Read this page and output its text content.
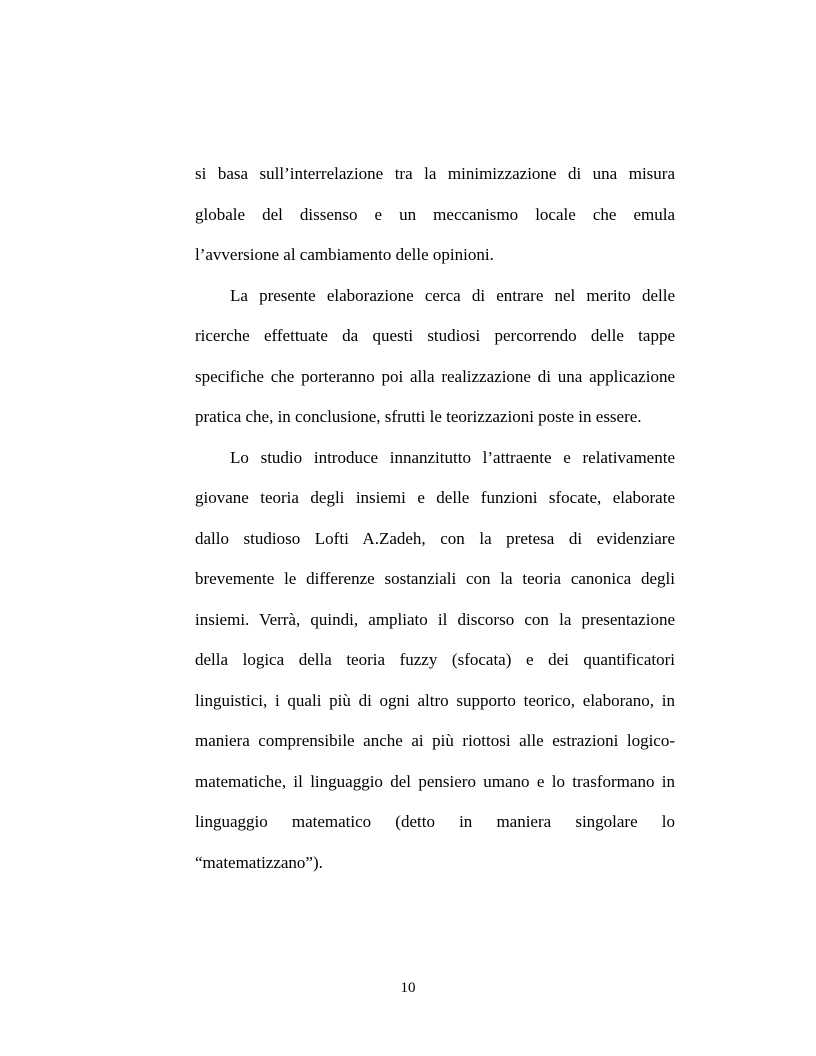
si basa sull’interrelazione tra la minimizzazione di una misura
globale del dissenso e un meccanismo locale che emula
l’avversione al cambiamento delle opinioni.

La presente elaborazione cerca di entrare nel merito delle
ricerche effettuate da questi studiosi percorrendo delle tappe
specifiche che porteranno poi alla realizzazione di una applicazione
pratica che, in conclusione, sfrutti le teorizzazioni poste in essere.

Lo studio introduce innanzitutto l’attraente e relativamente
giovane teoria degli insiemi e delle funzioni sfocate, elaborate
dallo studioso Lofti A.Zadeh, con la pretesa di evidenziare
brevemente le differenze sostanziali con la teoria canonica degli
insiemi. Verrà, quindi, ampliato il discorso con la presentazione
della logica della teoria fuzzy (sfocata) e dei quantificatori
linguistici, i quali più di ogni altro supporto teorico, elaborano, in
maniera comprensibile anche ai più riottosi alle estrazioni logico-
matematiche, il linguaggio del pensiero umano e lo trasformano in
linguaggio matematico (detto in maniera singolare lo
“matematizzano”).

10
